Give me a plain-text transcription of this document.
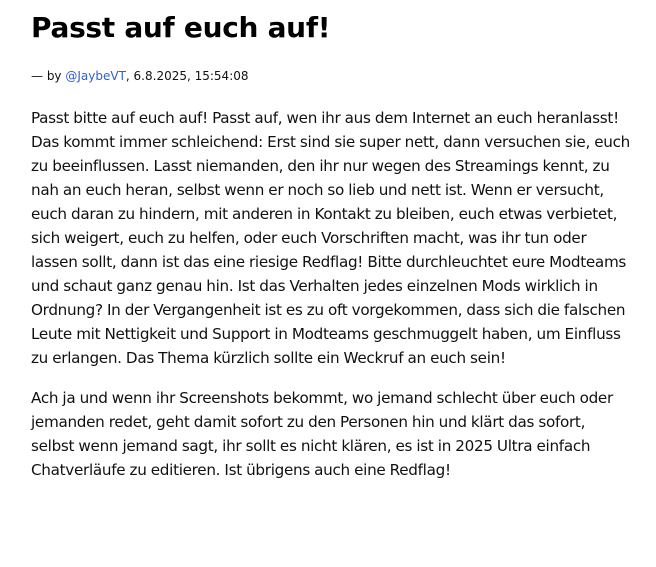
Passt auf euch auf!
— by @JaybeVT, 6.8.2025, 15:54:08

Passt bitte auf euch auf! Passt auf, wen ihr aus dem Internet an euch heranlasst! Das kommt immer schleichend: Erst sind sie super nett, dann versuchen sie, euch zu beeinflussen. Lasst niemanden, den ihr nur wegen des Streamings kennt, zu nah an euch heran, selbst wenn er noch so lieb und nett ist. Wenn er versucht, euch daran zu hindern, mit anderen in Kontakt zu bleiben, euch etwas verbietet, sich weigert, euch zu helfen, oder euch Vorschriften macht, was ihr tun oder lassen sollt, dann ist das eine riesige Redflag! Bitte durchleuchtet eure Modteams und schaut ganz genau hin. Ist das Verhalten jedes einzelnen Mods wirklich in Ordnung? In der Vergangenheit ist es zu oft vorgekommen, dass sich die falschen Leute mit Nettigkeit und Support in Modteams geschmuggelt haben, um Einfluss zu erlangen. Das Thema kürzlich sollte ein Weckruf an euch sein!

Ach ja und wenn ihr Screenshots bekommt, wo jemand schlecht über euch oder jemanden redet, geht damit sofort zu den Personen hin und klärt das sofort, selbst wenn jemand sagt, ihr sollt es nicht klären, es ist in 2025 Ultra einfach Chatverläufe zu editieren. Ist übrigens auch eine Redflag!
